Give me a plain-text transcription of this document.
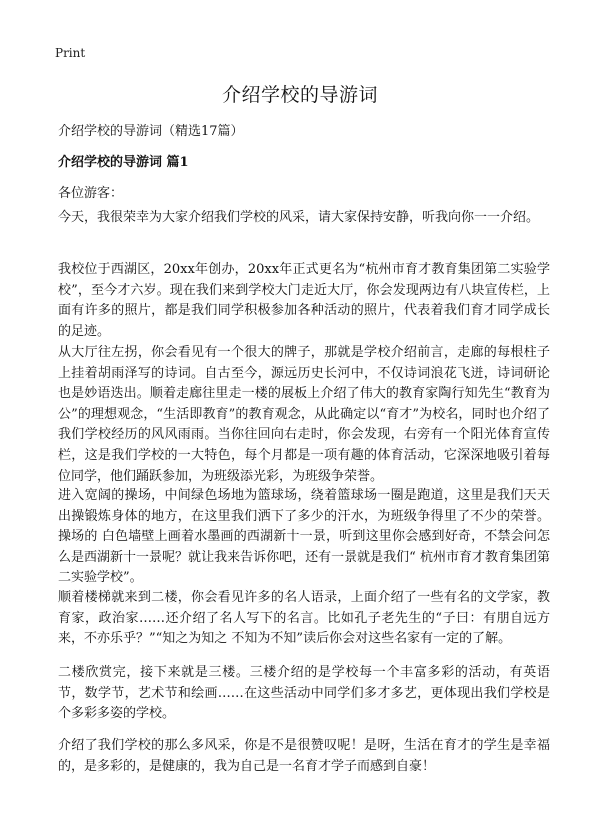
Print
介绍学校的导游词

介绍学校的导游词（精选17篇）

介绍学校的导游词 篇1

各位游客：

今天，我很荣幸为大家介绍我们学校的风采，请大家保持安静，听我向你一一介绍。

我校位于西湖区，20xx年创办，20xx年正式更名为“杭州市育才教育集团第二实验学校”，至今才六岁。现在我们来到学校大门走近大厅，你会发现两边有八块宣传栏，上面有许多的照片，都是我们同学积极参加各种活动的照片，代表着我们育才同学成长的足迹。

从大厅往左拐，你会看见有一个很大的牌子，那就是学校介绍前言，走廊的每根柱子上挂着胡雨泽写的诗词。自古至今，源远历史长河中，不仅诗词浪花飞迸，诗词研论也是妙语迭出。顺着走廊往里走一楼的展板上介绍了伟大的教育家陶行知先生“教育为公”的理想观念，“生活即教育”的教育观念，从此确定以“育才”为校名，同时也介绍了我们学校经历的风风雨雨。当你往回向右走时，你会发现，右旁有一个阳光体育宣传栏，这是我们学校的一大特色，每个月都是一项有趣的体育活动，它深深地吸引着每位同学，他们踊跃参加，为班级添光彩，为班级争荣誉。

进入宽阔的操场，中间绿色场地为篮球场，绕着篮球场一圈是跑道，这里是我们天天出操锻炼身体的地方，在这里我们洒下了多少的汗水，为班级争得里了不少的荣誉。操场的 白色墙壁上画着水墨画的西湖新十一景，听到这里你会感到好奇，不禁会问怎么是西湖新十一景呢？就让我来告诉你吧，还有一景就是我们“ 杭州市育才教育集团第二实验学校”。

顺着楼梯就来到二楼，你会看见许多的名人语录，上面介绍了一些有名的文学家，教育家，政治家……还介绍了名人写下的名言。比如孔子老先生的“子曰：有朋自远方来，不亦乐乎？”“知之为知之 不知为不知”读后你会对这些名家有一定的了解。

二楼欣赏完，接下来就是三楼。三楼介绍的是学校每一个丰富多彩的活动，有英语节，数学节，艺术节和绘画……在这些活动中同学们多才多艺，更体现出我们学校是个多彩多姿的学校。

介绍了我们学校的那么多风采，你是不是很赞叹呢！是呀，生活在育才的学生是幸福的，是多彩的，是健康的，我为自己是一名育才学子而感到自豪！
